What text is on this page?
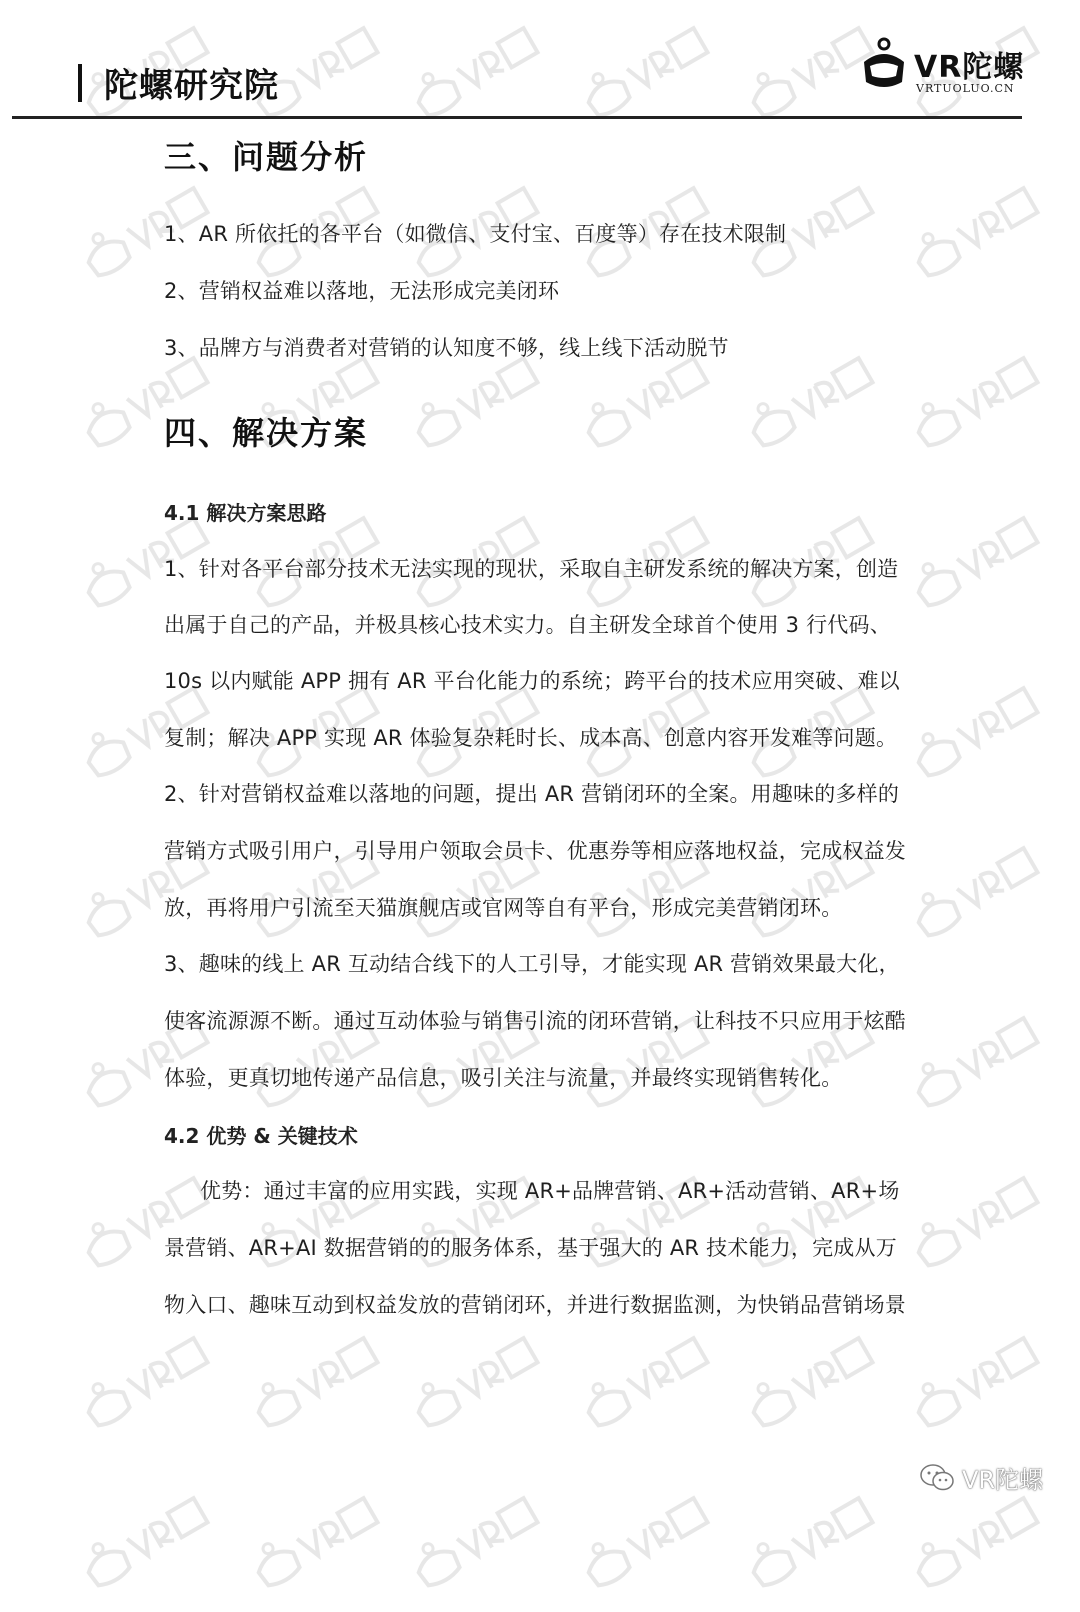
陀螺研究院	VR陀螺
VRTUOLUO.CN
三、问题分析

1、AR 所依托的各平台（如微信、支付宝、百度等）存在技术限制

2、营销权益难以落地，无法形成完美闭环

3、品牌方与消费者对营销的认知度不够，线上线下活动脱节

四、解决方案
4.1 解决方案思路

1、针对各平台部分技术无法实现的现状，采取自主研发系统的解决方案，创造

出属于自己的产品，并极具核心技术实力。自主研发全球首个使用 3 行代码、

10s 以内赋能 APP 拥有 AR 平台化能力的系统；跨平台的技术应用突破、难以

复制；解决 APP 实现 AR 体验复杂耗时长、成本高、创意内容开发难等问题。

2、针对营销权益难以落地的问题，提出 AR 营销闭环的全案。用趣味的多样的

营销方式吸引用户，引导用户领取会员卡、优惠券等相应落地权益，完成权益发

放，再将用户引流至天猫旗舰店或官网等自有平台，形成完美营销闭环。

3、趣味的线上 AR 互动结合线下的人工引导，才能实现 AR 营销效果最大化，

使客流源源不断。通过互动体验与销售引流的闭环营销，让科技不只应用于炫酷

体验，更真切地传递产品信息，吸引关注与流量，并最终实现销售转化。

4.2 优势 & 关键技术

优势：通过丰富的应用实践，实现 AR+品牌营销、AR+活动营销、AR+场

景营销、AR+AI 数据营销的的服务体系，基于强大的 AR 技术能力，完成从万

物入口、趣味互动到权益发放的营销闭环，并进行数据监测，为快销品营销场景

VR陀螺
